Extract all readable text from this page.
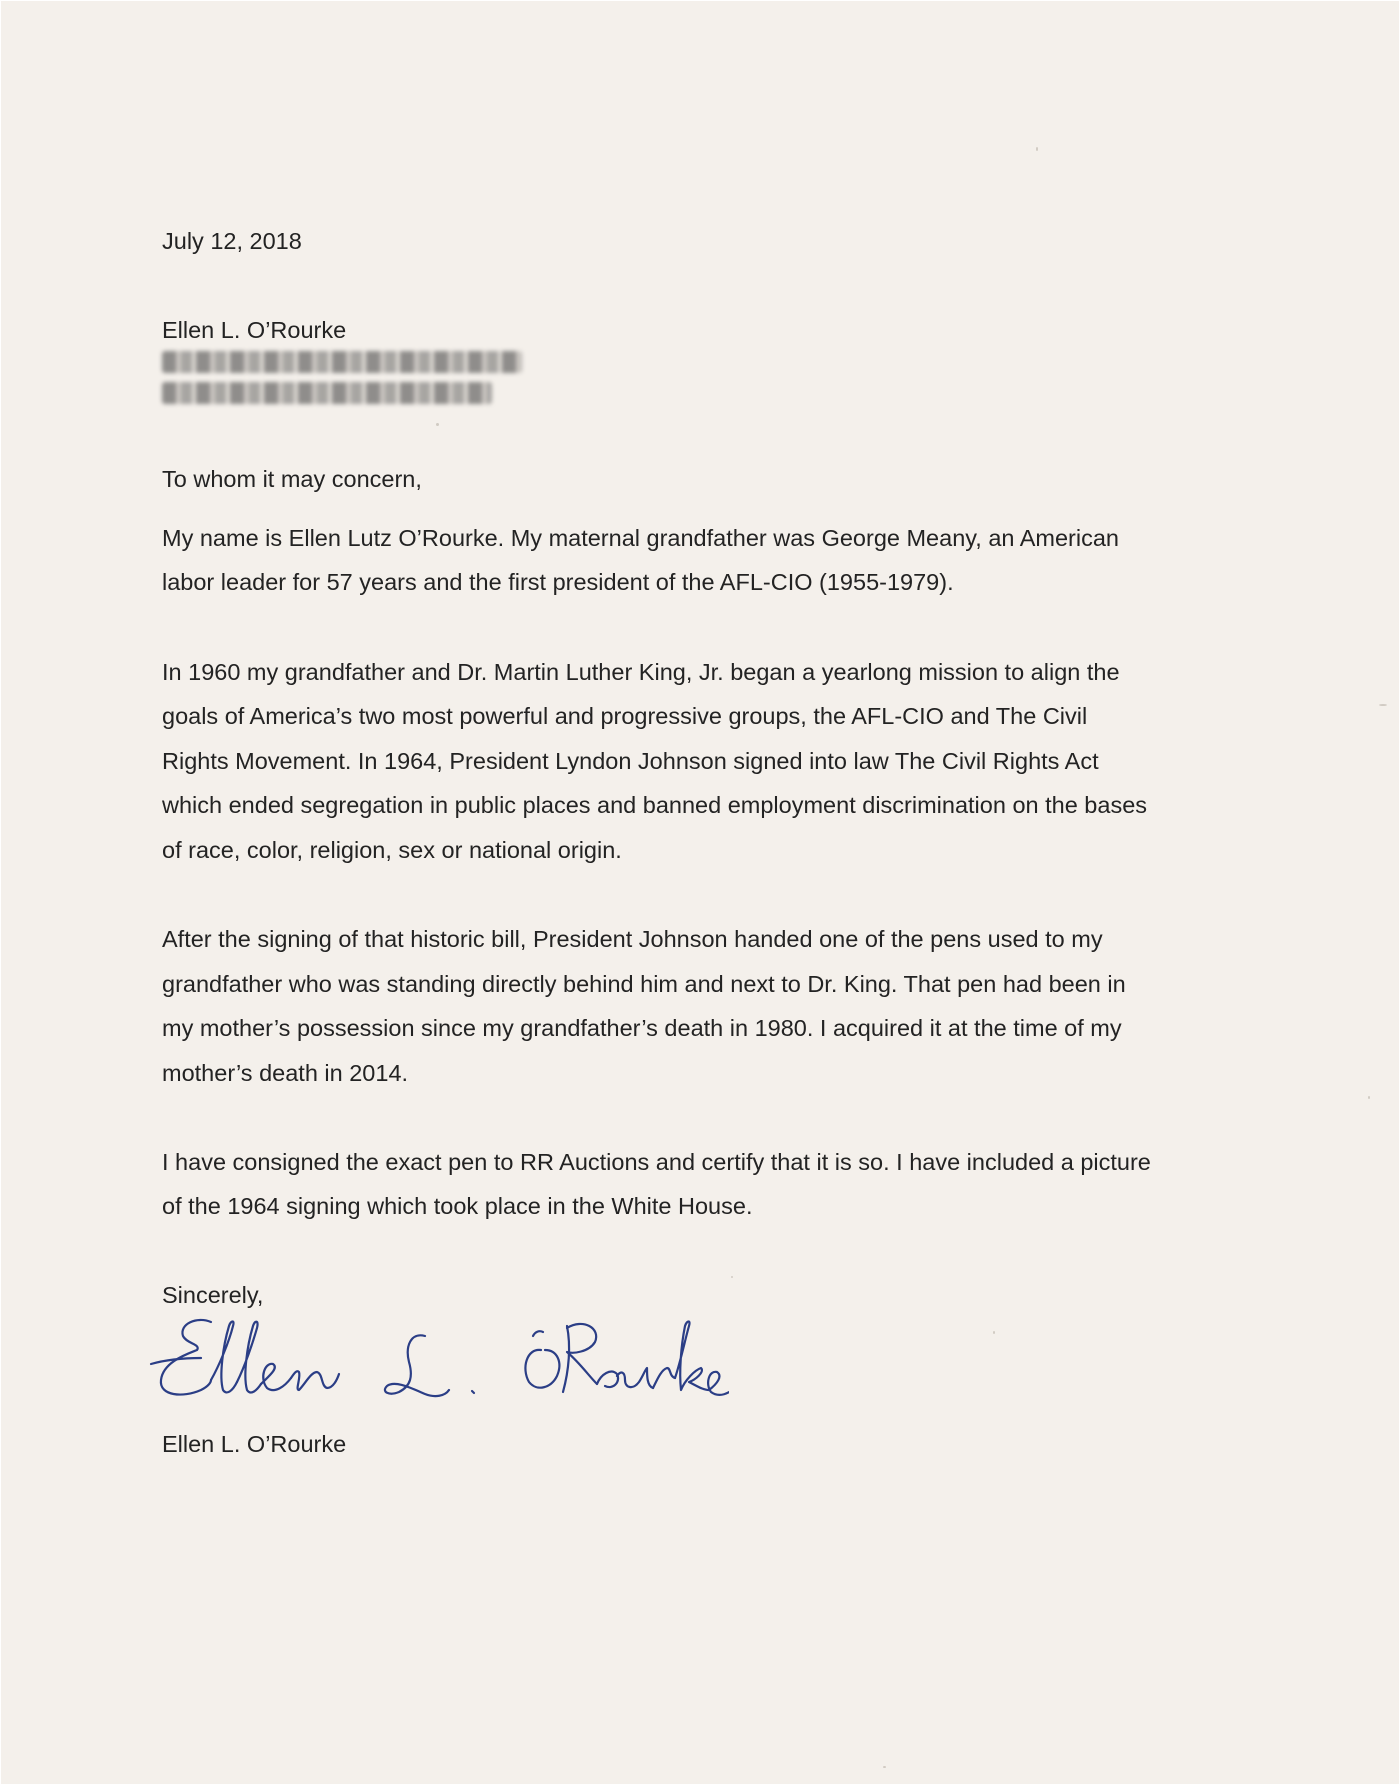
July 12, 2018
Ellen L. O’Rourke
To whom it may concern,
My name is Ellen Lutz O’Rourke. My maternal grandfather was George Meany, an American
labor leader for 57 years and the first president of the AFL-CIO (1955-1979).
In 1960 my grandfather and Dr. Martin Luther King, Jr. began a yearlong mission to align the
goals of America’s two most powerful and progressive groups, the AFL-CIO and The Civil
Rights Movement. In 1964, President Lyndon Johnson signed into law The Civil Rights Act
which ended segregation in public places and banned employment discrimination on the bases
of race, color, religion, sex or national origin.
After the signing of that historic bill, President Johnson handed one of the pens used to my
grandfather who was standing directly behind him and next to Dr. King. That pen had been in
my mother’s possession since my grandfather’s death in 1980. I acquired it at the time of my
mother’s death in 2014.
I have consigned the exact pen to RR Auctions and certify that it is so. I have included a picture
of the 1964 signing which took place in the White House.
Sincerely,
Ellen L. O’Rourke
